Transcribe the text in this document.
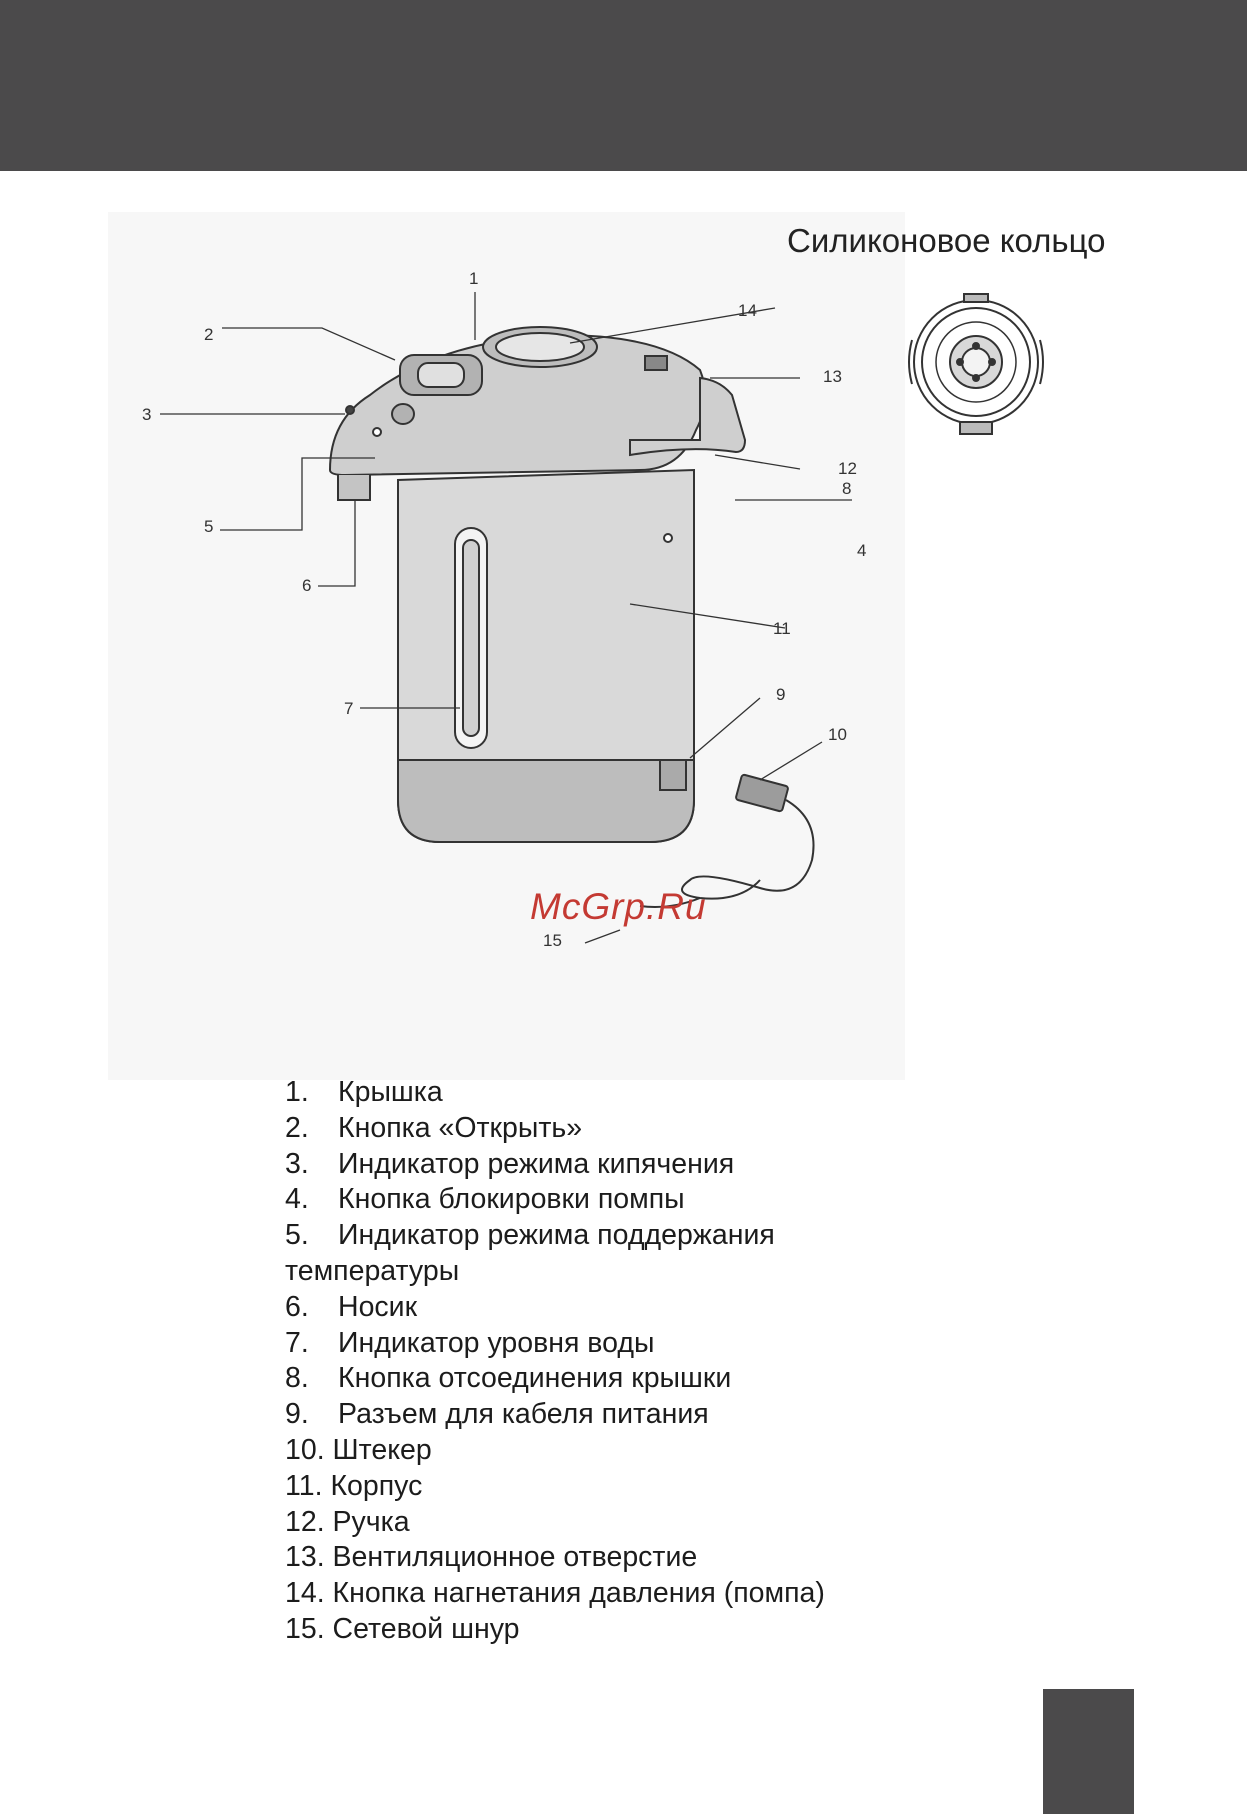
Силиконовое кольцо
1
2
3
4
5
6
7
8
9
10
11
12
13
14
15
McGrp.Ru
1. Крышка
2. Кнопка «Открыть»
3. Индикатор режима кипячения
4. Кнопка блокировки помпы
5. Индикатор режима поддержания
температуры
6. Носик
7. Индикатор уровня воды
8. Кнопка отсоединения крышки
9. Разъем для кабеля питания
10. Штекер
11. Корпус
12. Ручка
13. Вентиляционное отверстие
14. Кнопка нагнетания давления (помпа)
15. Сетевой шнур
